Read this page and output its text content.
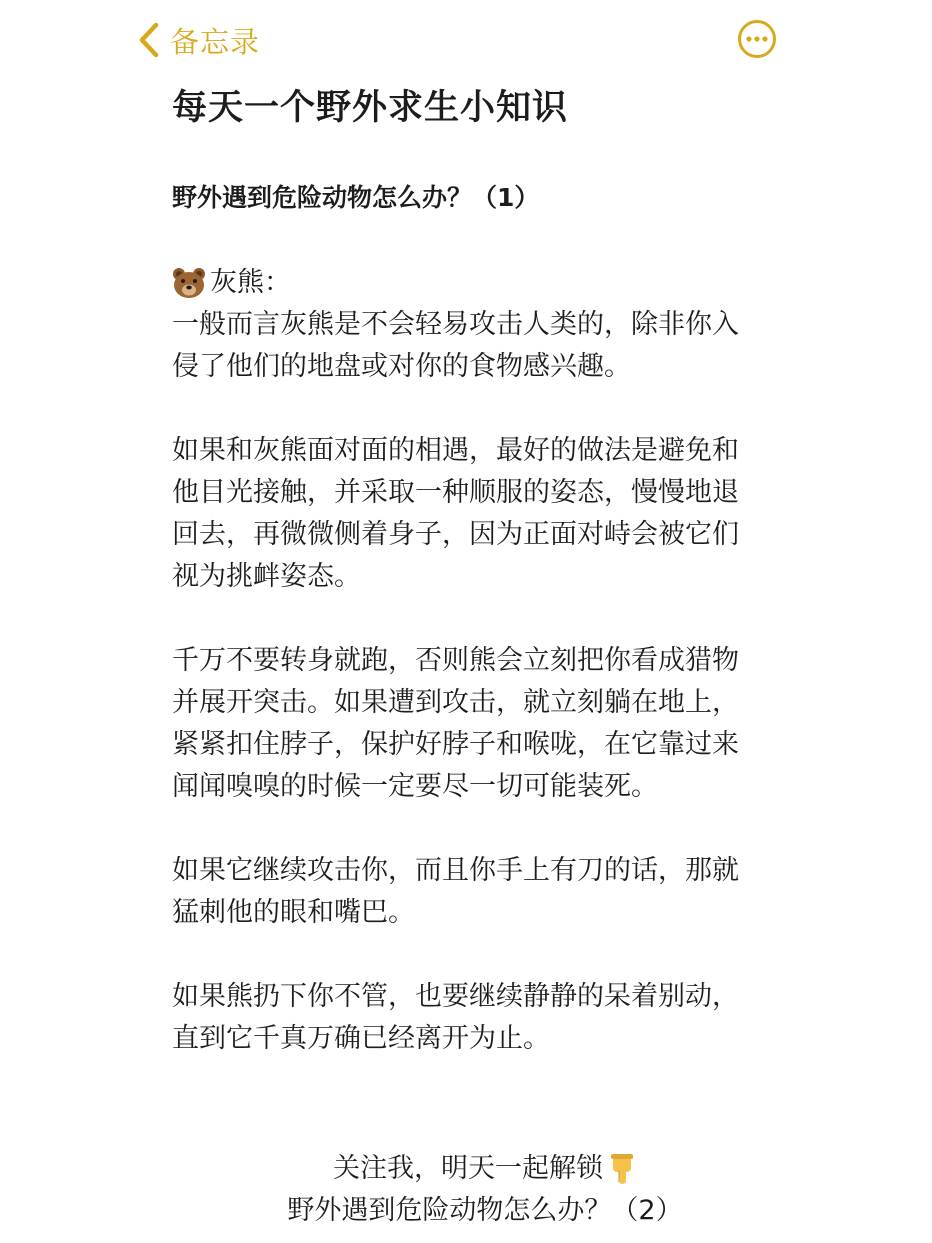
备忘录
每天一个野外求生小知识
野外遇到危险动物怎么办？（1）
灰熊：
一般而言灰熊是不会轻易攻击人类的，除非你入侵了他们的地盘或对你的食物感兴趣。
如果和灰熊面对面的相遇，最好的做法是避免和他目光接触，并采取一种顺服的姿态，慢慢地退回去，再微微侧着身子，因为正面对峙会被它们视为挑衅姿态。
千万不要转身就跑，否则熊会立刻把你看成猎物并展开突击。如果遭到攻击，就立刻躺在地上，紧紧扣住脖子，保护好脖子和喉咙，在它靠过来闻闻嗅嗅的时候一定要尽一切可能装死。
如果它继续攻击你，而且你手上有刀的话，那就猛刺他的眼和嘴巴。
如果熊扔下你不管，也要继续静静的呆着别动，直到它千真万确已经离开为止。
关注我，明天一起解锁
野外遇到危险动物怎么办？（2）
